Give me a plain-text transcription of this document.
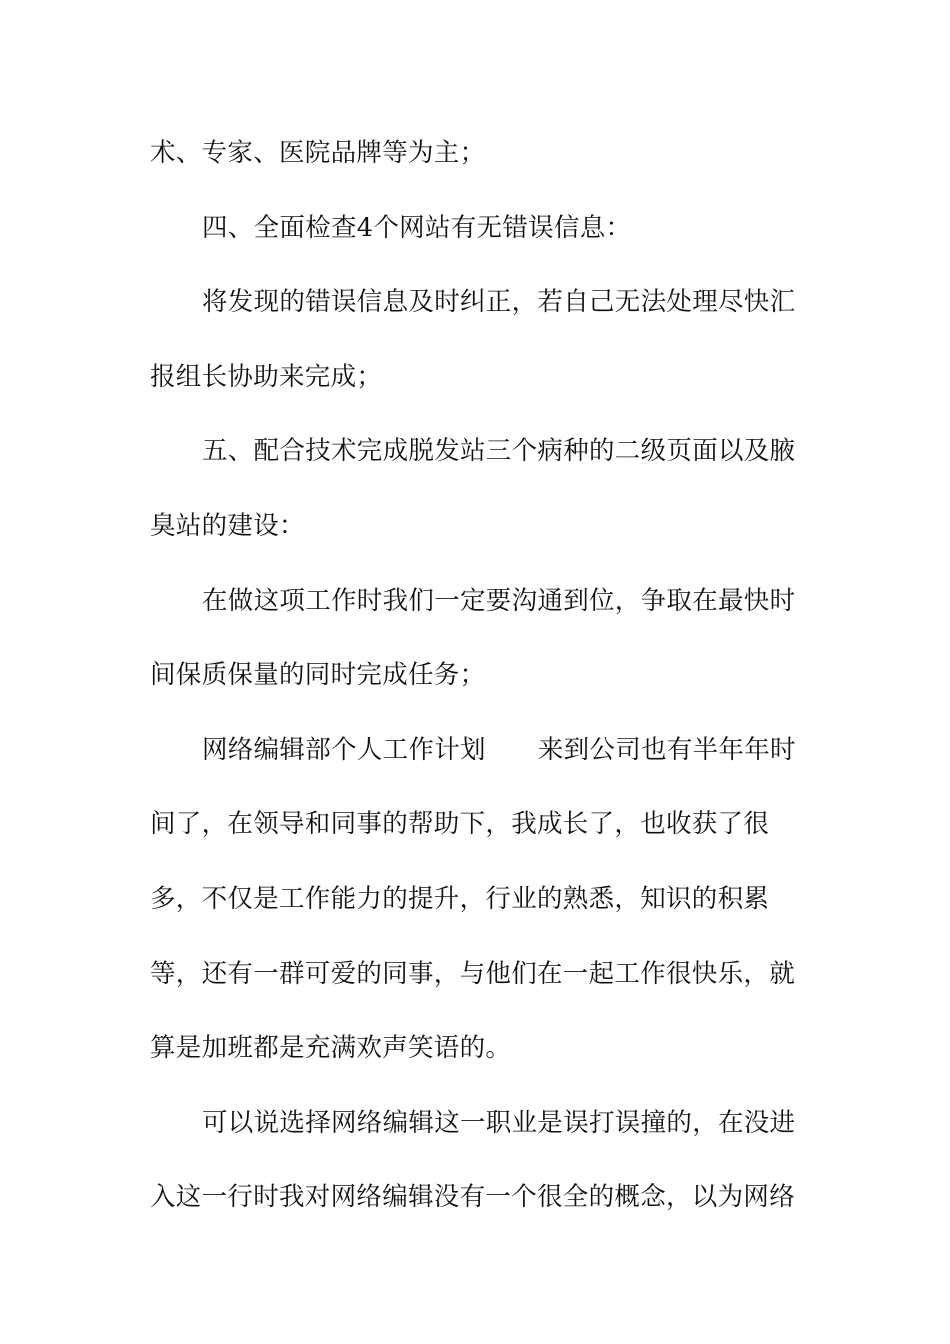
术、专家、医院品牌等为主；
四、全面检查4个网站有无错误信息：
将发现的错误信息及时纠正，若自己无法处理尽快汇
报组长协助来完成；
五、配合技术完成脱发站三个病种的二级页面以及腋
臭站的建设：
在做这项工作时我们一定要沟通到位，争取在最快时
间保质保量的同时完成任务；
网络编辑部个人工作计划 来到公司也有半年年时
间了，在领导和同事的帮助下，我成长了，也收获了很
多，不仅是工作能力的提升，行业的熟悉，知识的积累
等，还有一群可爱的同事，与他们在一起工作很快乐，就
算是加班都是充满欢声笑语的。
可以说选择网络编辑这一职业是误打误撞的，在没进
入这一行时我对网络编辑没有一个很全的概念，以为网络
